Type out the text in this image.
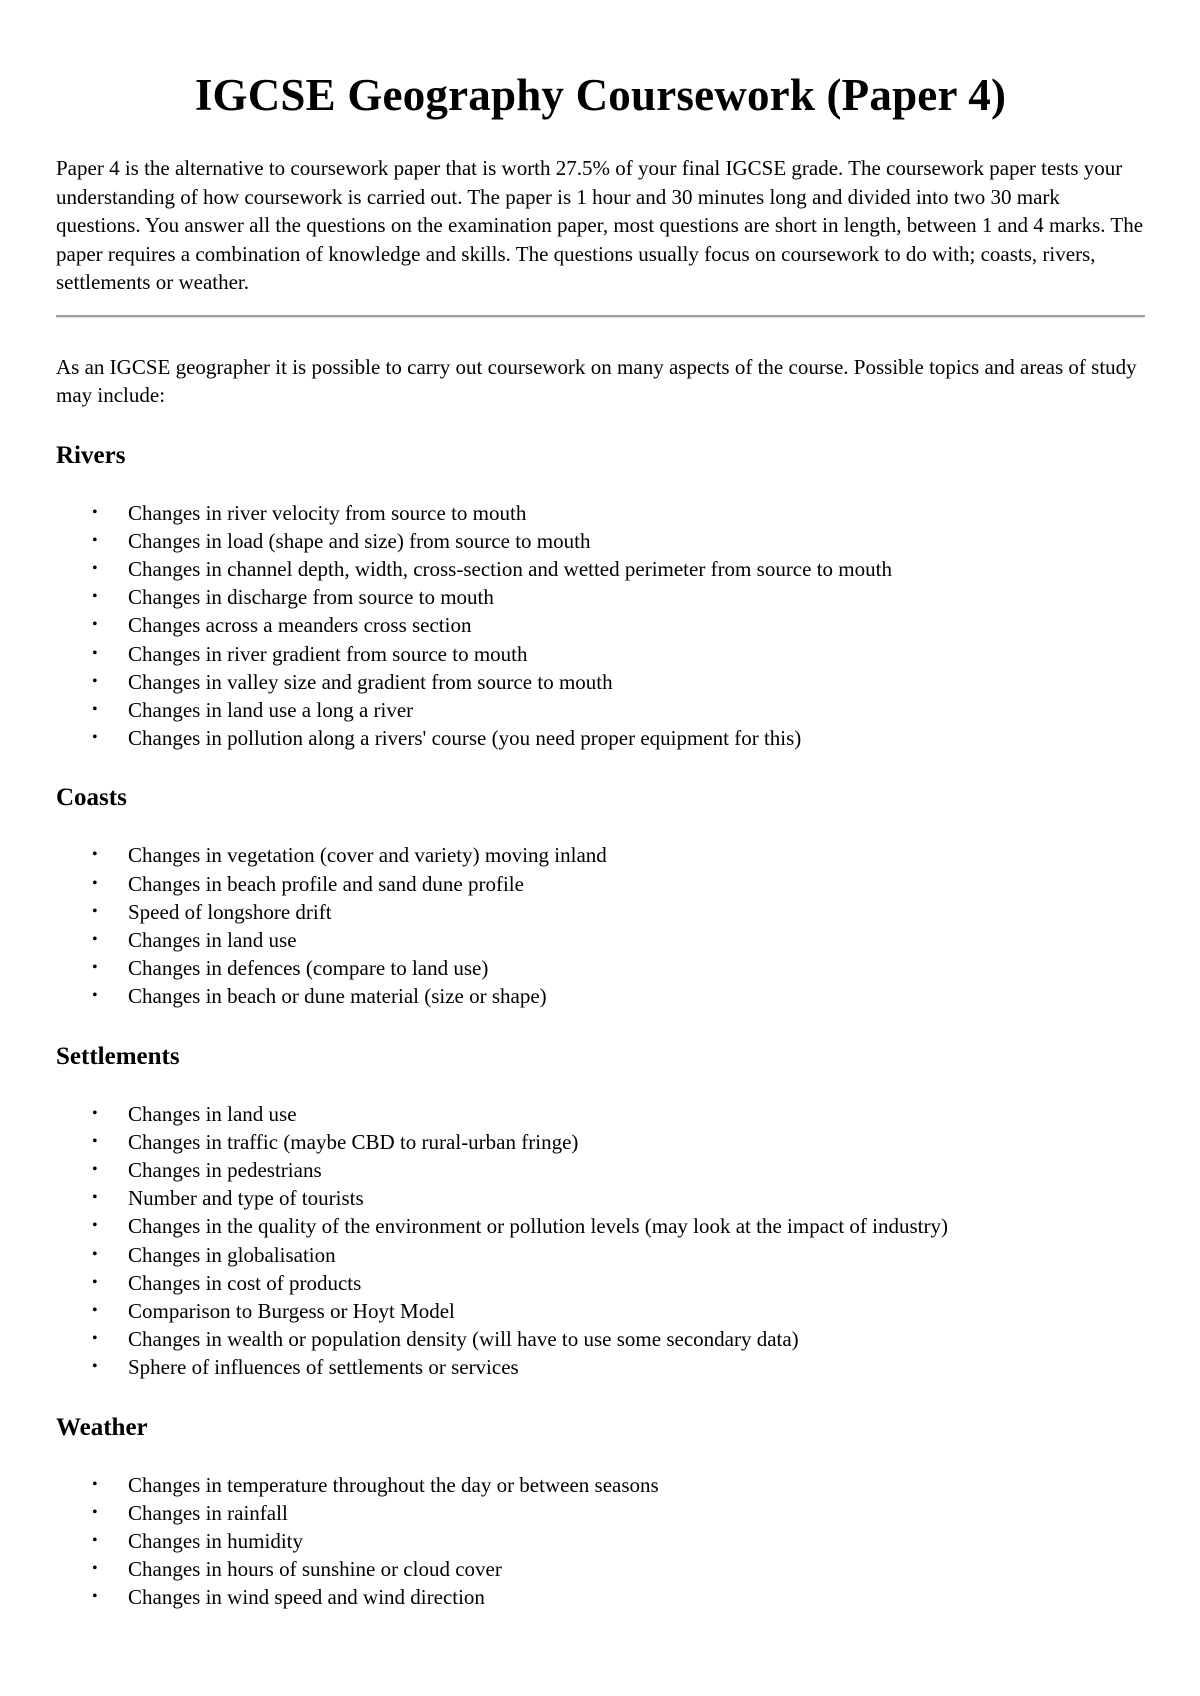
IGCSE Geography Coursework (Paper 4)

Paper 4 is the alternative to coursework paper that is worth 27.5% of your final IGCSE grade. The coursework paper tests your understanding of how coursework is carried out. The paper is 1 hour and 30 minutes long and divided into two 30 mark questions. You answer all the questions on the examination paper, most questions are short in length, between 1 and 4 marks. The paper requires a combination of knowledge and skills. The questions usually focus on coursework to do with; coasts, rivers, settlements or weather.

As an IGCSE geographer it is possible to carry out coursework on many aspects of the course. Possible topics and areas of study may include:

Rivers
• Changes in river velocity from source to mouth
• Changes in load (shape and size) from source to mouth
• Changes in channel depth, width, cross-section and wetted perimeter from source to mouth
• Changes in discharge from source to mouth
• Changes across a meanders cross section
• Changes in river gradient from source to mouth
• Changes in valley size and gradient from source to mouth
• Changes in land use a long a river
• Changes in pollution along a rivers' course (you need proper equipment for this)
Coasts
• Changes in vegetation (cover and variety) moving inland
• Changes in beach profile and sand dune profile
• Speed of longshore drift
• Changes in land use
• Changes in defences (compare to land use)
• Changes in beach or dune material (size or shape)
Settlements
• Changes in land use
• Changes in traffic (maybe CBD to rural-urban fringe)
• Changes in pedestrians
• Number and type of tourists
• Changes in the quality of the environment or pollution levels (may look at the impact of industry)
• Changes in globalisation
• Changes in cost of products
• Comparison to Burgess or Hoyt Model
• Changes in wealth or population density (will have to use some secondary data)
• Sphere of influences of settlements or services
Weather
• Changes in temperature throughout the day or between seasons
• Changes in rainfall
• Changes in humidity
• Changes in hours of sunshine or cloud cover
• Changes in wind speed and wind direction
